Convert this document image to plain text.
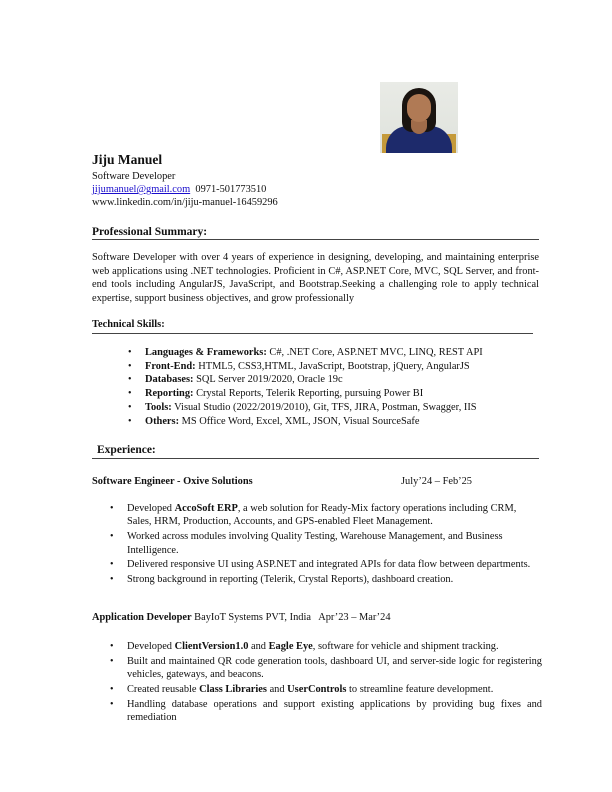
Jiju Manuel
Software Developer
jijumanuel@gmail.com 0971-501773510
www.linkedin.com/in/jiju-manuel-16459296
Professional Summary:
Software Developer with over 4 years of experience in designing, developing, and maintaining enterprise web applications using .NET technologies. Proficient in C#, ASP.NET Core, MVC, SQL Server, and front-end tools including AngularJS, JavaScript, and Bootstrap.Seeking a challenging role to apply technical expertise, support business objectives, and grow professionally
Technical Skills:
• Languages & Frameworks: C#, .NET Core, ASP.NET MVC, LINQ, REST API
• Front-End: HTML5, CSS3,HTML, JavaScript, Bootstrap, jQuery, AngularJS
• Databases: SQL Server 2019/2020, Oracle 19c
• Reporting: Crystal Reports, Telerik Reporting, pursuing Power BI
• Tools: Visual Studio (2022/2019/2010), Git, TFS, JIRA, Postman, Swagger, IIS
• Others: MS Office Word, Excel, XML, JSON, Visual SourceSafe
Experience:
Software Engineer - Oxive Solutions	July’24 – Feb’25
• Developed AccoSoft ERP, a web solution for Ready-Mix factory operations including CRM, Sales, HRM, Production, Accounts, and GPS-enabled Fleet Management.
• Worked across modules involving Quality Testing, Warehouse Management, and Business Intelligence.
• Delivered responsive UI using ASP.NET and integrated APIs for data flow between departments.
• Strong background in reporting (Telerik, Crystal Reports), dashboard creation.
Application Developer BayIoT Systems PVT, India Apr’23 – Mar’24
• Developed ClientVersion1.0 and Eagle Eye, software for vehicle and shipment tracking.
• Built and maintained QR code generation tools, dashboard UI, and server-side logic for registering vehicles, gateways, and beacons.
• Created reusable Class Libraries and UserControls to streamline feature development.
• Handling database operations and support existing applications by providing bug fixes and remediation
